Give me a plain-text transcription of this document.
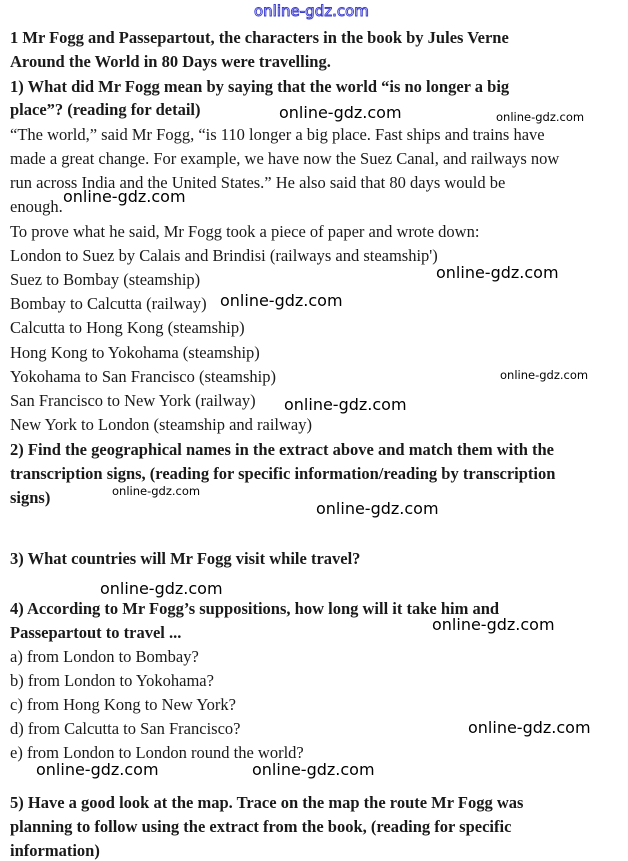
1 Mr Fogg and Passepartout, the characters in the book by Jules Verne
Around the World in 80 Days were travelling.
1) What did Mr Fogg mean by saying that the world “is no longer a big
place”? (reading for detail)
“The world,” said Mr Fogg, “is 110 longer a big place. Fast ships and trains have
made a great change. For example, we have now the Suez Canal, and railways now
run across India and the United States.” He also said that 80 days would be
enough.
To prove what he said, Mr Fogg took a piece of paper and wrote down:
London to Suez by Calais and Brindisi (railways and steamship')
Suez to Bombay (steamship)
Bombay to Calcutta (railway)
Calcutta to Hong Kong (steamship)
Hong Kong to Yokohama (steamship)
Yokohama to San Francisco (steamship)
San Francisco to New York (railway)
New York to London (steamship and railway)
2) Find the geographical names in the extract above and match them with the
transcription signs, (reading for specific information/reading by transcription
signs)
3) What countries will Mr Fogg visit while travel?
4) According to Mr Fogg’s suppositions, how long will it take him and
Passepartout to travel ...
a) from London to Bombay?
b) from London to Yokohama?
c) from Hong Kong to New York?
d) from Calcutta to San Francisco?
e) from London to London round the world?
5) Have a good look at the map. Trace on the map the route Mr Fogg was
planning to follow using the extract from the book, (reading for specific
information)
online-gdz.com
online-gdz.com	online-gdz.com
online-gdz.com
online-gdz.com
online-gdz.com
online-gdz.com
online-gdz.com
online-gdz.com
online-gdz.com
online-gdz.com
online-gdz.com
online-gdz.com
online-gdz.com	online-gdz.com
